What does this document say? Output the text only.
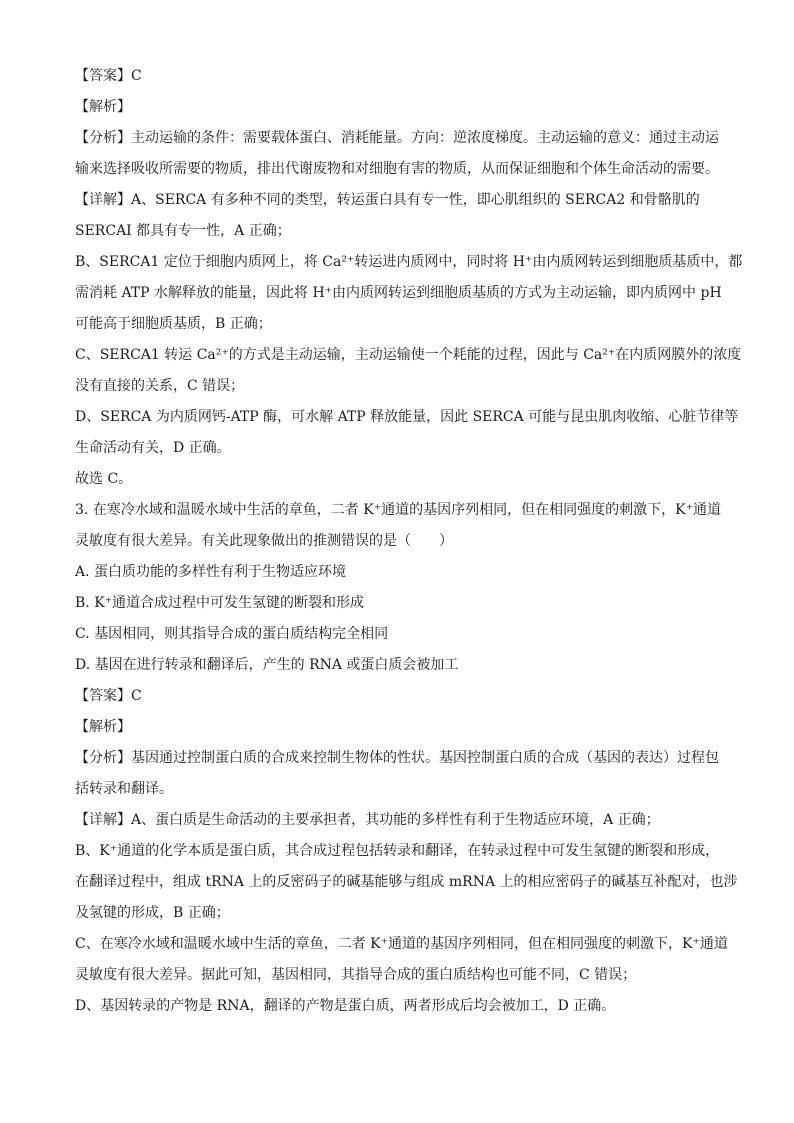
【答案】C
【解析】
【分析】主动运输的条件：需要载体蛋白、消耗能量。方向：逆浓度梯度。主动运输的意义：通过主动运
输来选择吸收所需要的物质，排出代谢废物和对细胞有害的物质，从而保证细胞和个体生命活动的需要。
【详解】A、SERCA 有多种不同的类型，转运蛋白具有专一性，即心肌组织的 SERCA2 和骨骼肌的
SERCAI 都具有专一性，A 正确；
B、SERCA1 定位于细胞内质网上，将 Ca²⁺转运进内质网中，同时将 H⁺由内质网转运到细胞质基质中，都
需消耗 ATP 水解释放的能量，因此将 H⁺由内质网转运到细胞质基质的方式为主动运输，即内质网中 pH
可能高于细胞质基质，B 正确；
C、SERCA1 转运 Ca²⁺的方式是主动运输，主动运输使一个耗能的过程，因此与 Ca²⁺在内质网膜外的浓度
没有直接的关系，C 错误；
D、SERCA 为内质网钙-ATP 酶，可水解 ATP 释放能量，因此 SERCA 可能与昆虫肌肉收缩、心脏节律等
生命活动有关，D 正确。
故选 C。
3. 在寒冷水域和温暖水域中生活的章鱼，二者 K⁺通道的基因序列相同，但在相同强度的刺激下，K⁺通道
灵敏度有很大差异。有关此现象做出的推测错误的是（　　）
A. 蛋白质功能的多样性有利于生物适应环境
B. K⁺通道合成过程中可发生氢键的断裂和形成
C. 基因相同，则其指导合成的蛋白质结构完全相同
D. 基因在进行转录和翻译后，产生的 RNA 或蛋白质会被加工
【答案】C
【解析】
【分析】基因通过控制蛋白质的合成来控制生物体的性状。基因控制蛋白质的合成（基因的表达）过程包
括转录和翻译。
【详解】A、蛋白质是生命活动的主要承担者，其功能的多样性有利于生物适应环境，A 正确；
B、K⁺通道的化学本质是蛋白质，其合成过程包括转录和翻译，在转录过程中可发生氢键的断裂和形成，
在翻译过程中，组成 tRNA 上的反密码子的碱基能够与组成 mRNA 上的相应密码子的碱基互补配对，也涉
及氢键的形成，B 正确；
C、在寒冷水域和温暖水域中生活的章鱼，二者 K⁺通道的基因序列相同，但在相同强度的刺激下，K⁺通道
灵敏度有很大差异。据此可知，基因相同，其指导合成的蛋白质结构也可能不同，C 错误；
D、基因转录的产物是 RNA，翻译的产物是蛋白质，两者形成后均会被加工，D 正确。
